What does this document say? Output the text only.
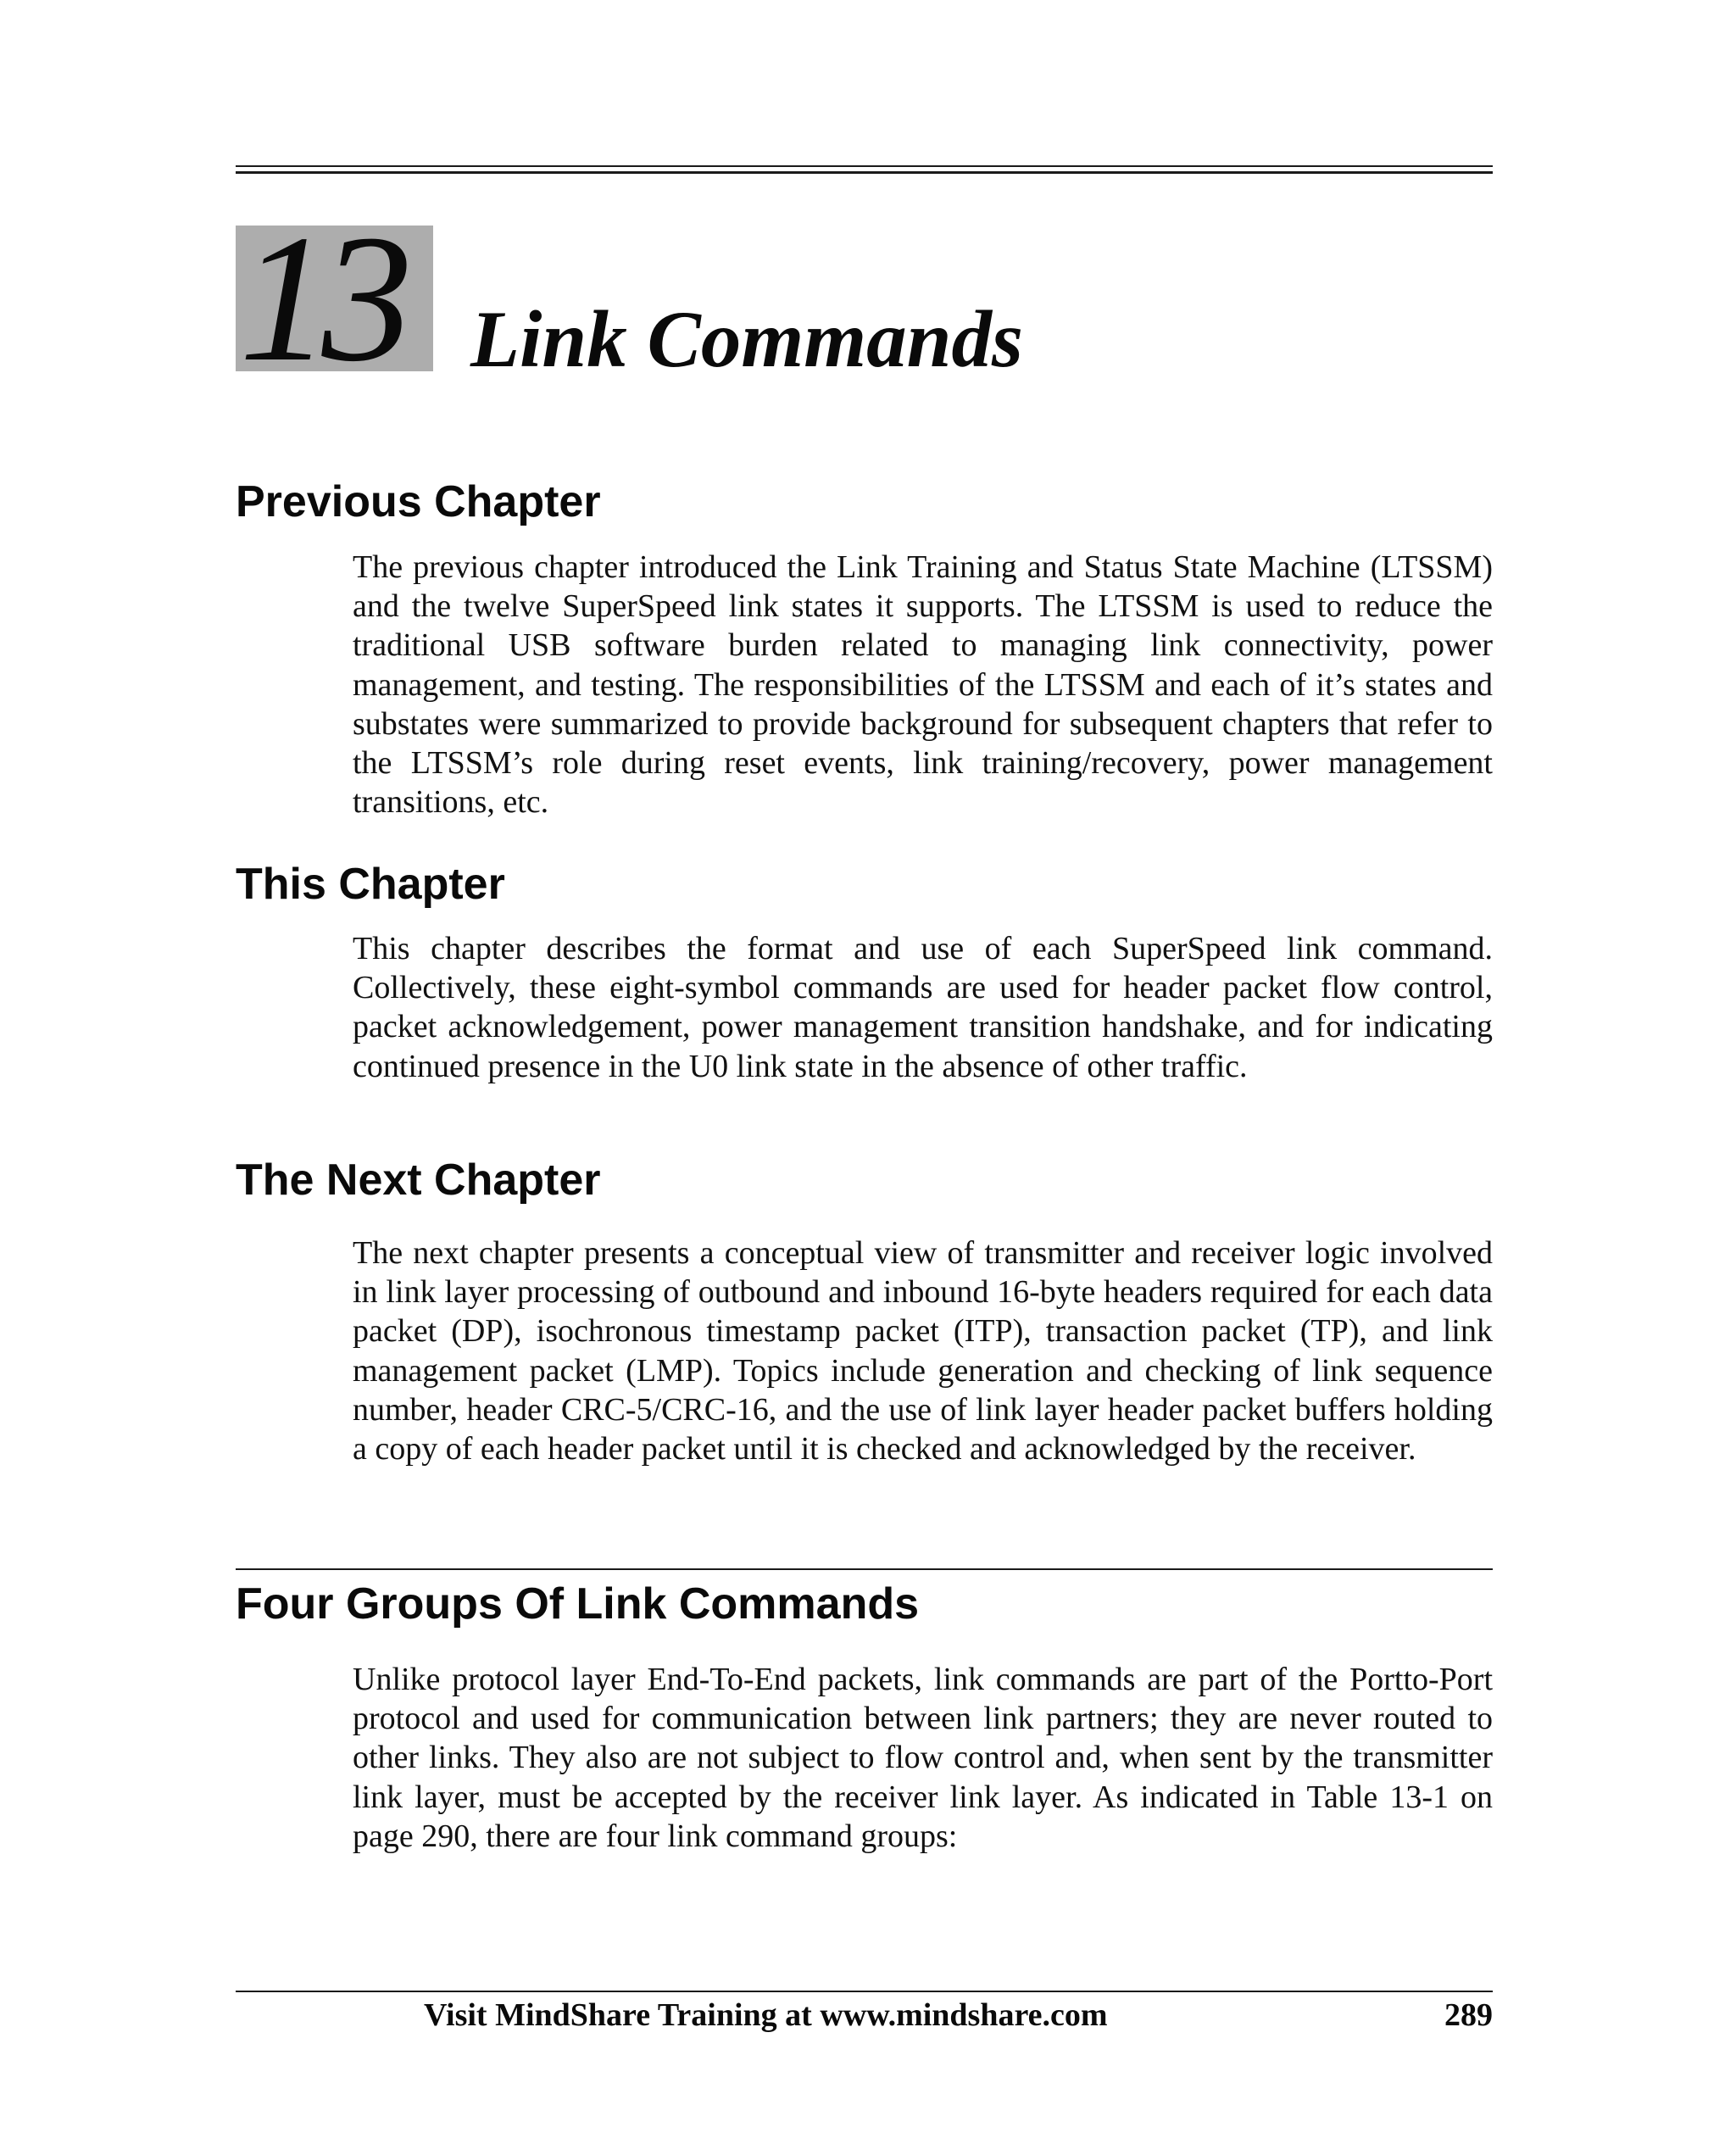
13 Link Commands
Previous Chapter

The previous chapter introduced the Link Training and Status State Machine (LTSSM) and the twelve SuperSpeed link states it supports. The LTSSM is used to reduce the traditional USB software burden related to managing link connectivity, power management, and testing. The responsibilities of the LTSSM and each of it’s states and substates were summarized to provide background for subsequent chapters that refer to the LTSSM’s role during reset events, link training/recovery, power management transitions, etc.

This Chapter

This chapter describes the format and use of each SuperSpeed link command. Collectively, these eight-symbol commands are used for header packet flow control, packet acknowledgement, power management transition handshake, and for indicating continued presence in the U0 link state in the absence of other traffic.

The Next Chapter

The next chapter presents a conceptual view of transmitter and receiver logic involved in link layer processing of outbound and inbound 16-byte headers required for each data packet (DP), isochronous timestamp packet (ITP), transaction packet (TP), and link management packet (LMP). Topics include generation and checking of link sequence number, header CRC-5/CRC-16, and the use of link layer header packet buffers holding a copy of each header packet until it is checked and acknowledged by the receiver.

Four Groups Of Link Commands

Unlike protocol layer End-To-End packets, link commands are part of the Portto-Port protocol and used for communication between link partners; they are never routed to other links. They also are not subject to flow control and, when sent by the transmitter link layer, must be accepted by the receiver link layer. As indicated in Table 13-1 on page 290, there are four link command groups:

Visit MindShare Training at www.mindshare.com	289
